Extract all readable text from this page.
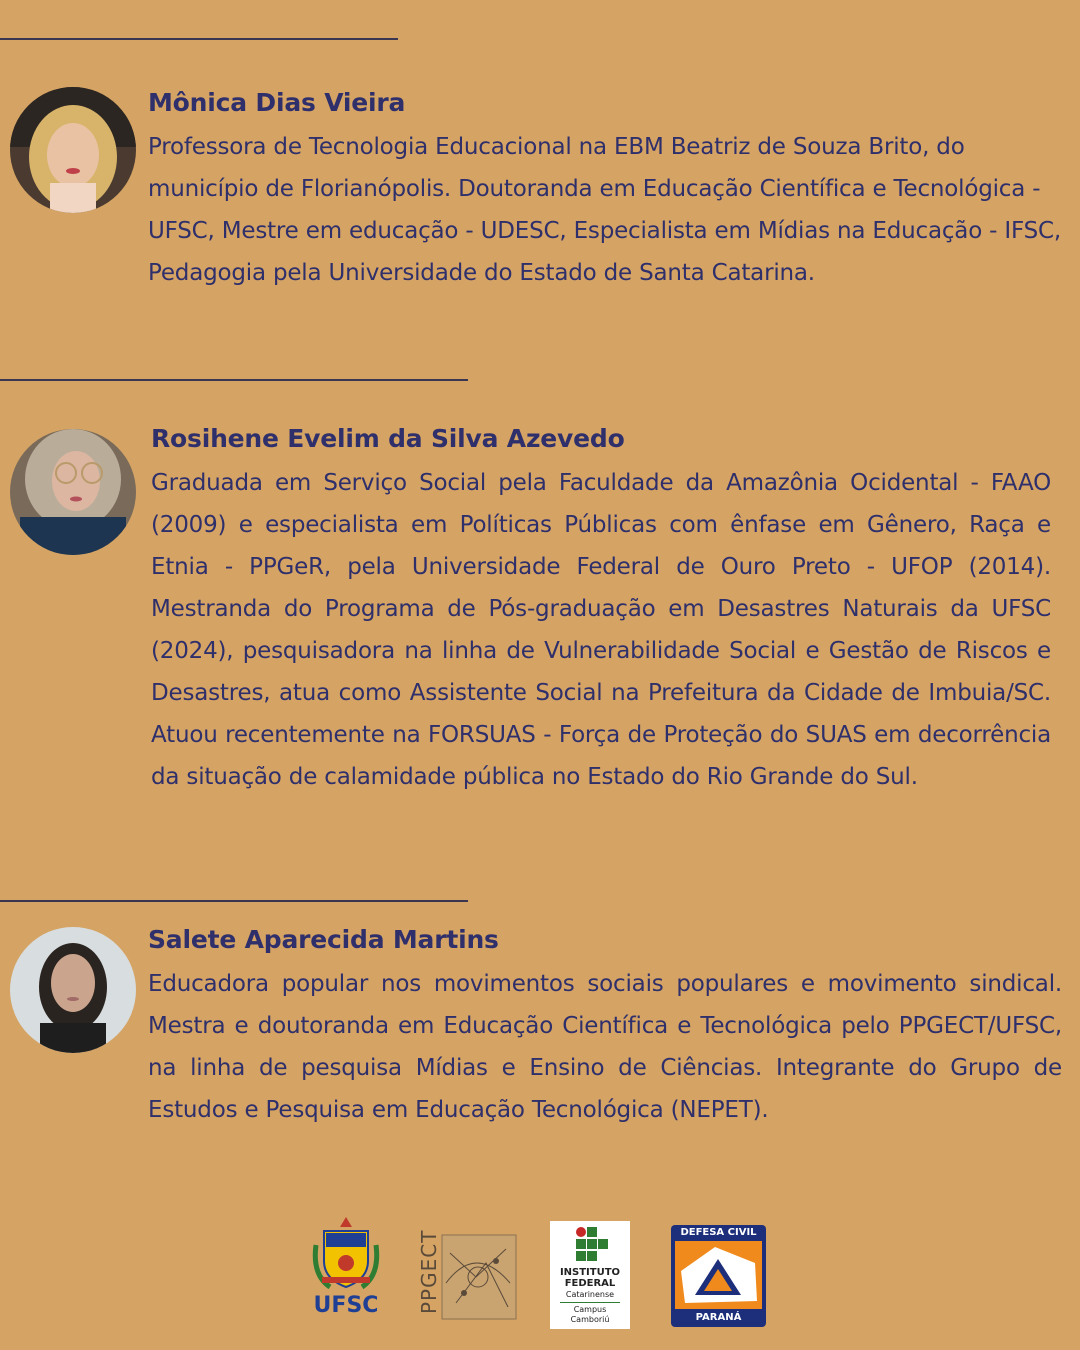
Mônica Dias Vieira

Professora de Tecnologia Educacional na EBM Beatriz de Souza Brito, do município de Florianópolis. Doutoranda em Educação Científica e Tecnológica - UFSC, Mestre em educação - UDESC, Especialista em Mídias na Educação - IFSC, Pedagogia pela Universidade do Estado de Santa Catarina.

Rosihene Evelim da Silva Azevedo

Graduada em Serviço Social pela Faculdade da Amazônia Ocidental - FAAO (2009) e especialista em Políticas Públicas com ênfase em Gênero, Raça e Etnia - PPGeR, pela Universidade Federal de Ouro Preto - UFOP (2014). Mestranda do Programa de Pós-graduação em Desastres Naturais da UFSC (2024), pesquisadora na linha de Vulnerabilidade Social e Gestão de Riscos e Desastres, atua como Assistente Social na Prefeitura da Cidade de Imbuia/SC. Atuou recentemente na FORSUAS - Força de Proteção do SUAS em decorrência da situação de calamidade pública no Estado do Rio Grande do Sul.

Salete Aparecida Martins

Educadora popular nos movimentos sociais populares e movimento sindical. Mestra e doutoranda em Educação Científica e Tecnológica pelo PPGECT/UFSC, na linha de pesquisa Mídias e Ensino de Ciências. Integrante do Grupo de Estudos e Pesquisa em Educação Tecnológica (NEPET).

UFSC PPGECT	INSTITUTO
FEDERAL
Catarinense
Campus
Camboriú
DEFESA CIVIL
PARANÁ
